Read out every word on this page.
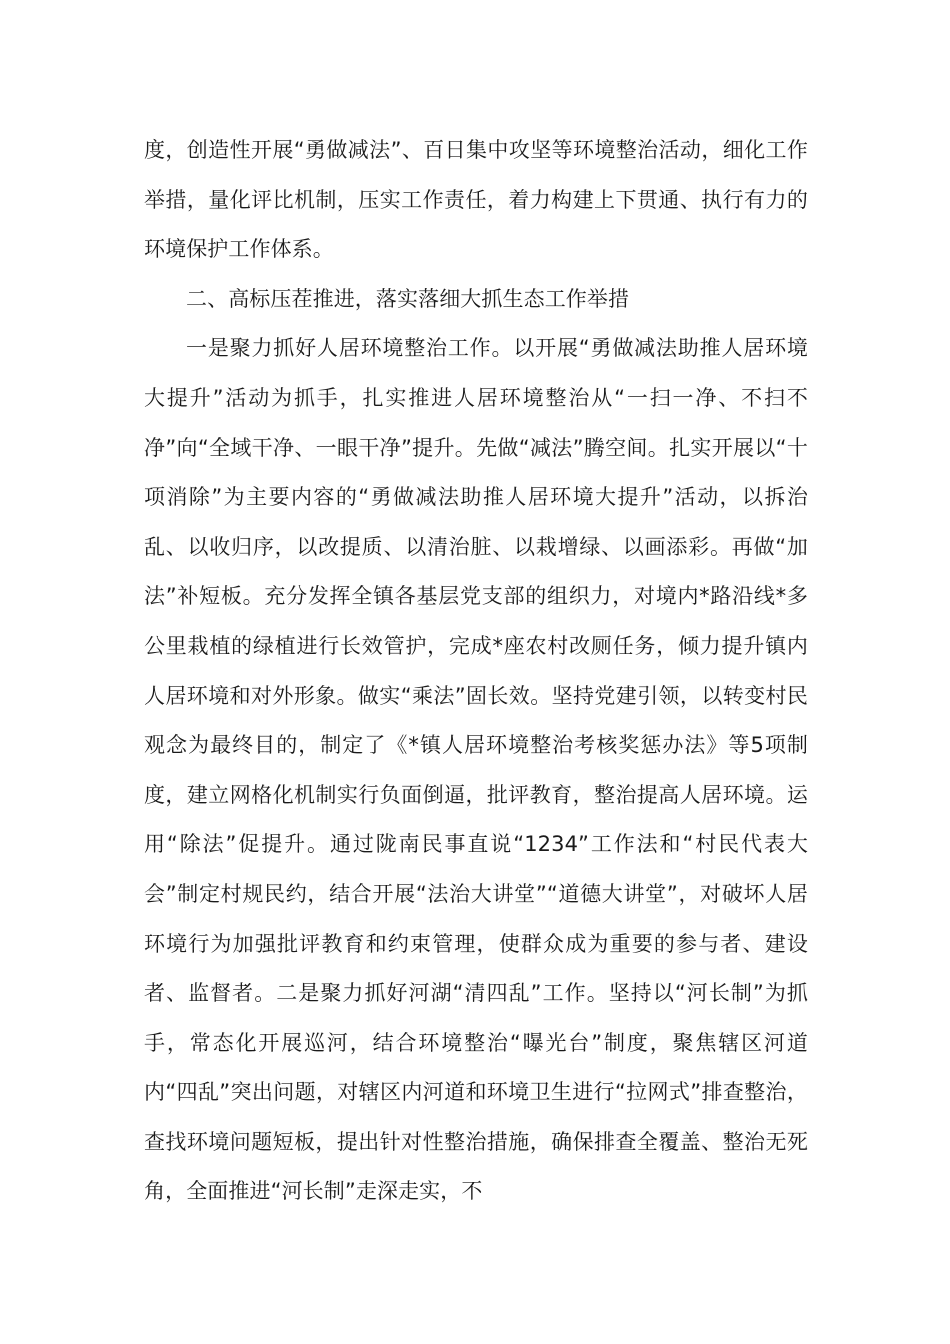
度，创造性开展“勇做减法”、百日集中攻坚等环境整治活动，细化工作举措，量化评比机制，压实工作责任，着力构建上下贯通、执行有力的环境保护工作体系。

二、高标压茬推进，落实落细大抓生态工作举措

一是聚力抓好人居环境整治工作。以开展“勇做减法助推人居环境大提升”活动为抓手，扎实推进人居环境整治从“一扫一净、不扫不净”向“全域干净、一眼干净”提升。先做“减法”腾空间。扎实开展以“十项消除”为主要内容的“勇做减法助推人居环境大提升”活动，以拆治乱、以收归序，以改提质、以清治脏、以栽增绿、以画添彩。再做“加法”补短板。充分发挥全镇各基层党支部的组织力，对境内*路沿线*多公里栽植的绿植进行长效管护，完成*座农村改厕任务，倾力提升镇内人居环境和对外形象。做实“乘法”固长效。坚持党建引领，以转变村民观念为最终目的，制定了《*镇人居环境整治考核奖惩办法》等5项制度，建立网格化机制实行负面倒逼，批评教育，整治提高人居环境。运用“除法”促提升。通过陇南民事直说“1234”工作法和“村民代表大会”制定村规民约，结合开展“法治大讲堂”“道德大讲堂”，对破坏人居环境行为加强批评教育和约束管理，使群众成为重要的参与者、建设者、监督者。二是聚力抓好河湖“清四乱”工作。坚持以“河长制”为抓手，常态化开展巡河，结合环境整治“曝光台”制度，聚焦辖区河道内“四乱”突出问题，对辖区内河道和环境卫生进行“拉网式”排查整治，查找环境问题短板，提出针对性整治措施，确保排查全覆盖、整治无死角，全面推进“河长制”走深走实，不
